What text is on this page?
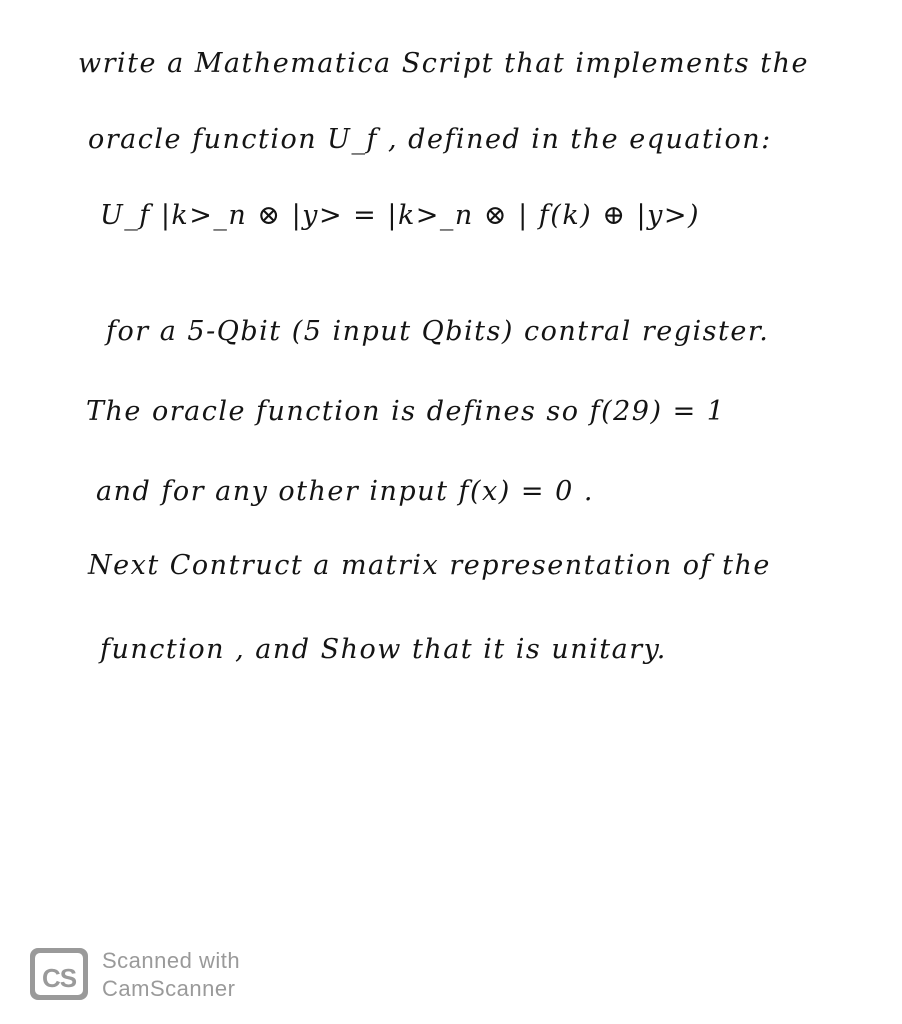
write a Mathematica Script that implements the
oracle function U_f , defined in the equation:
U_f |k>_n ⊗ |y> = |k>_n ⊗ | f(k) ⊕ |y>)
for a 5-Qbit (5 input Qbits) contral register.
The oracle function is defines so f(29) = 1
and for any other input f(x) = 0 .
Next Contruct a matrix representation of the
function , and Show that it is unitary.
CS
Scanned with
CamScanner
